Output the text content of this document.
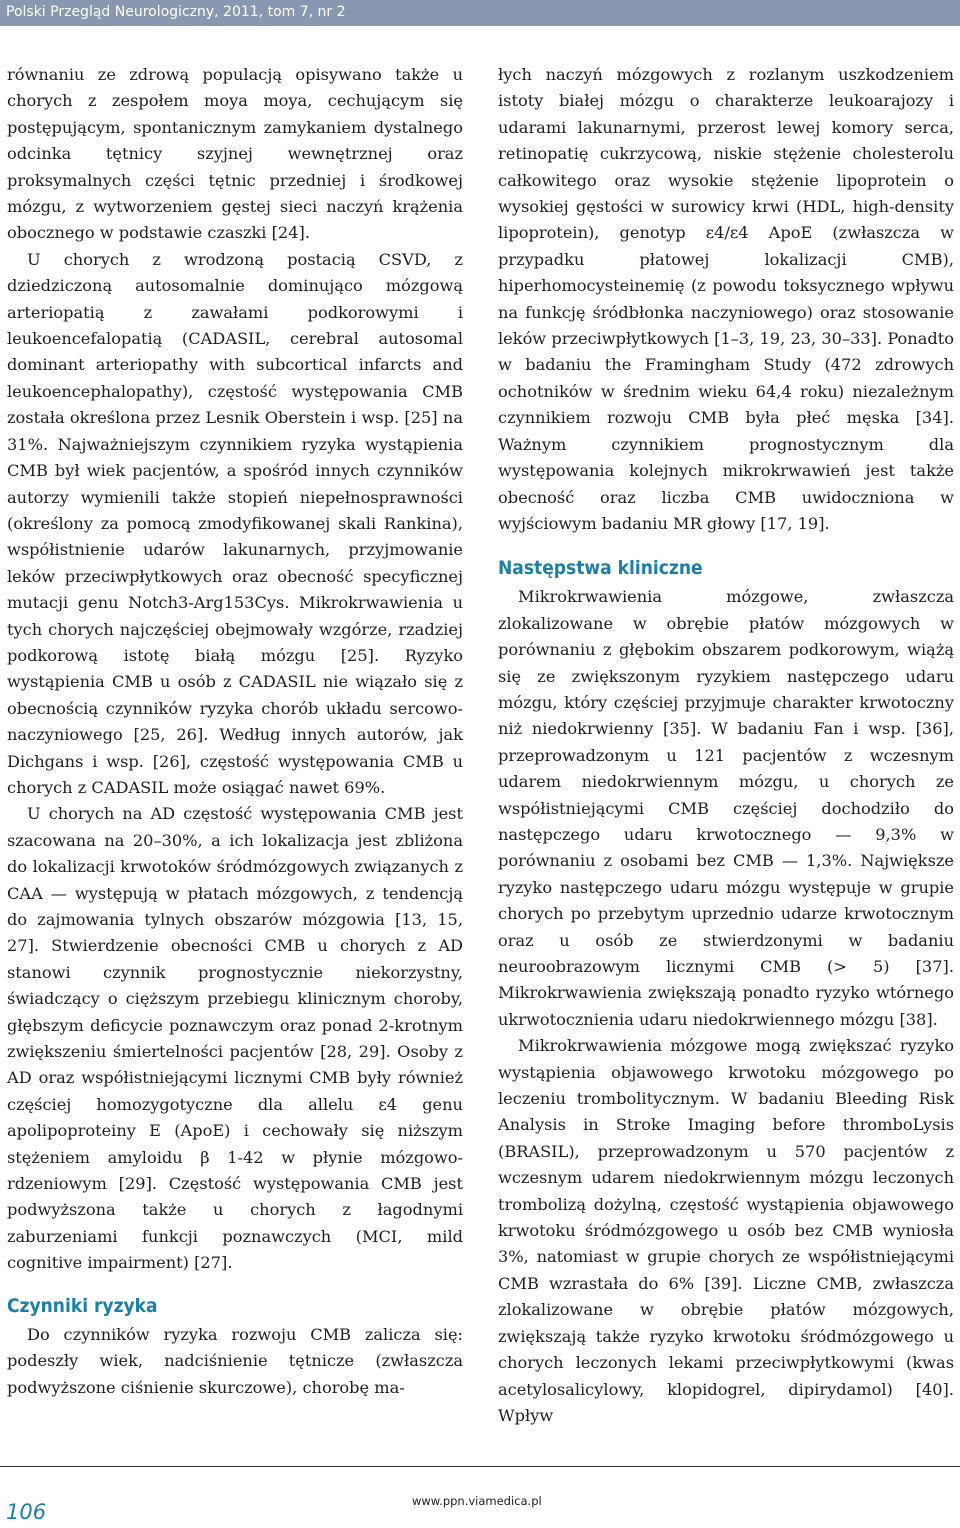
Polski Przegląd Neurologiczny, 2011, tom 7, nr 2

równaniu ze zdrową populacją opisywano także u chorych z zespołem moya moya, cechującym się postępującym, spontanicznym zamykaniem dystalnego odcinka tętnicy szyjnej wewnętrznej oraz proksymalnych części tętnic przedniej i środkowej mózgu, z wytworzeniem gęstej sieci naczyń krążenia obocznego w podstawie czaszki [24].

U chorych z wrodzoną postacią CSVD, z dziedziczoną autosomalnie dominująco mózgową arteriopatią z zawałami podkorowymi i leukoencefalopatią (CADASIL, cerebral autosomal dominant arteriopathy with subcortical infarcts and leukoencephalopathy), częstość występowania CMB została określona przez Lesnik Oberstein i wsp. [25] na 31%. Najważniejszym czynnikiem ryzyka wystąpienia CMB był wiek pacjentów, a spośród innych czynników autorzy wymienili także stopień niepełnosprawności (określony za pomocą zmodyfikowanej skali Rankina), współistnienie udarów lakunarnych, przyjmowanie leków przeciwpłytkowych oraz obecność specyficznej mutacji genu Notch3-Arg153Cys. Mikrokrwawienia u tych chorych najczęściej obejmowały wzgórze, rzadziej podkorową istotę białą mózgu [25]. Ryzyko wystąpienia CMB u osób z CADASIL nie wiązało się z obecnością czynników ryzyka chorób układu sercowo-naczyniowego [25, 26]. Według innych autorów, jak Dichgans i wsp. [26], częstość występowania CMB u chorych z CADASIL może osiągać nawet 69%.

U chorych na AD częstość występowania CMB jest szacowana na 20–30%, a ich lokalizacja jest zbliżona do lokalizacji krwotoków śródmózgowych związanych z CAA — występują w płatach mózgowych, z tendencją do zajmowania tylnych obszarów mózgowia [13, 15, 27]. Stwierdzenie obecności CMB u chorych z AD stanowi czynnik prognostycznie niekorzystny, świadczący o cięższym przebiegu klinicznym choroby, głębszym deficycie poznawczym oraz ponad 2-krotnym zwiększeniu śmiertelności pacjentów [28, 29]. Osoby z AD oraz współistniejącymi licznymi CMB były również częściej homozygotyczne dla allelu ε4 genu apolipoproteiny E (ApoE) i cechowały się niższym stężeniem amyloidu β 1-42 w płynie mózgowo-rdzeniowym [29]. Częstość występowania CMB jest podwyższona także u chorych z łagodnymi zaburzeniami funkcji poznawczych (MCI, mild cognitive impairment) [27].

Czynniki ryzyka

Do czynników ryzyka rozwoju CMB zalicza się: podeszły wiek, nadciśnienie tętnicze (zwłaszcza podwyższone ciśnienie skurczowe), chorobę ma-

łych naczyń mózgowych z rozlanym uszkodzeniem istoty białej mózgu o charakterze leukoarajozy i udarami lakunarnymi, przerost lewej komory serca, retinopatię cukrzycową, niskie stężenie cholesterolu całkowitego oraz wysokie stężenie lipoprotein o wysokiej gęstości w surowicy krwi (HDL, high-density lipoprotein), genotyp ε4/ε4 ApoE (zwłaszcza w przypadku płatowej lokalizacji CMB), hiperhomocysteinemię (z powodu toksycznego wpływu na funkcję śródbłonka naczyniowego) oraz stosowanie leków przeciwpłytkowych [1–3, 19, 23, 30–33]. Ponadto w badaniu the Framingham Study (472 zdrowych ochotników w średnim wieku 64,4 roku) niezależnym czynnikiem rozwoju CMB była płeć męska [34]. Ważnym czynnikiem prognostycznym dla występowania kolejnych mikrokrwawień jest także obecność oraz liczba CMB uwidoczniona w wyjściowym badaniu MR głowy [17, 19].

Następstwa kliniczne

Mikrokrwawienia mózgowe, zwłaszcza zlokalizowane w obrębie płatów mózgowych w porównaniu z głębokim obszarem podkorowym, wiążą się ze zwiększonym ryzykiem następczego udaru mózgu, który częściej przyjmuje charakter krwotoczny niż niedokrwienny [35]. W badaniu Fan i wsp. [36], przeprowadzonym u 121 pacjentów z wczesnym udarem niedokrwiennym mózgu, u chorych ze współistniejącymi CMB częściej dochodziło do następczego udaru krwotocznego — 9,3% w porównaniu z osobami bez CMB — 1,3%. Największe ryzyko następczego udaru mózgu występuje w grupie chorych po przebytym uprzednio udarze krwotocznym oraz u osób ze stwierdzonymi w badaniu neuroobrazowym licznymi CMB (> 5) [37]. Mikrokrwawienia zwiększają ponadto ryzyko wtórnego ukrwotocznienia udaru niedokrwiennego mózgu [38].

Mikrokrwawienia mózgowe mogą zwiększać ryzyko wystąpienia objawowego krwotoku mózgowego po leczeniu trombolitycznym. W badaniu Bleeding Risk Analysis in Stroke Imaging before thromboLysis (BRASIL), przeprowadzonym u 570 pacjentów z wczesnym udarem niedokrwiennym mózgu leczonych trombolizą dożylną, częstość wystąpienia objawowego krwotoku śródmózgowego u osób bez CMB wyniosła 3%, natomiast w grupie chorych ze współistniejącymi CMB wzrastała do 6% [39]. Liczne CMB, zwłaszcza zlokalizowane w obrębie płatów mózgowych, zwiększają także ryzyko krwotoku śródmózgowego u chorych leczonych lekami przeciwpłytkowymi (kwas acetylosalicylowy, klopidogrel, dipirydamol) [40]. Wpływ

106	www.ppn.viamedica.pl
